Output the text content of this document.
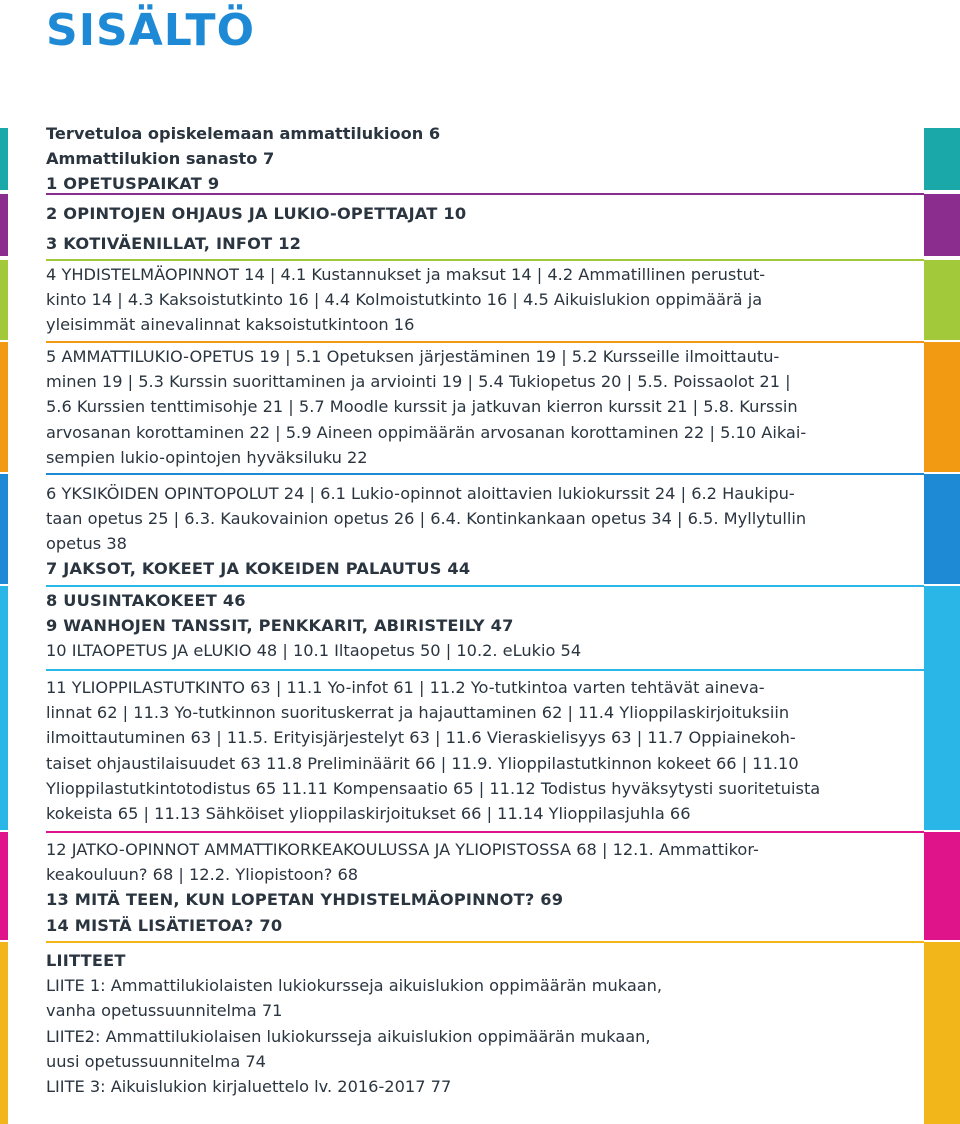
SISÄLTÖ

Tervetuloa opiskelemaan ammattilukioon 6

Ammattilukion sanasto 7

1 OPETUSPAIKAT 9

2 OPINTOJEN OHJAUS JA LUKIO-OPETTAJAT 10

3 KOTIVÄENILLAT, INFOT 12

4 YHDISTELMÄOPINNOT 14 | 4.1 Kustannukset ja maksut 14 | 4.2 Ammatillinen perustut-

kinto 14 | 4.3 Kaksoistutkinto 16 | 4.4 Kolmoistutkinto 16 | 4.5 Aikuislukion oppimäärä ja

yleisimmät ainevalinnat kaksoistutkintoon 16

5 AMMATTILUKIO-OPETUS 19 | 5.1 Opetuksen järjestäminen 19 | 5.2 Kursseille ilmoittautu-

minen 19 | 5.3 Kurssin suorittaminen ja arviointi 19 | 5.4 Tukiopetus 20 | 5.5. Poissaolot 21 |

5.6 Kurssien tenttimisohje 21 | 5.7 Moodle kurssit ja jatkuvan kierron kurssit 21 | 5.8. Kurssin

arvosanan korottaminen 22 | 5.9 Aineen oppimäärän arvosanan korottaminen 22 | 5.10 Aikai-

sempien lukio-opintojen hyväksiluku 22

6 YKSIKÖIDEN OPINTOPOLUT 24 | 6.1 Lukio-opinnot aloittavien lukiokurssit 24 | 6.2 Haukipu-

taan opetus 25 | 6.3. Kaukovainion opetus 26 | 6.4. Kontinkankaan opetus 34 | 6.5. Myllytullin

opetus 38

7 JAKSOT, KOKEET JA KOKEIDEN PALAUTUS 44

8 UUSINTAKOKEET 46

9 WANHOJEN TANSSIT, PENKKARIT, ABIRISTEILY 47

10 ILTAOPETUS JA eLUKIO 48 | 10.1 Iltaopetus 50 | 10.2. eLukio 54

11 YLIOPPILASTUTKINTO 63 | 11.1 Yo-infot 61 | 11.2 Yo-tutkintoa varten tehtävät aineva-

linnat 62 | 11.3 Yo-tutkinnon suorituskerrat ja hajauttaminen 62 | 11.4 Ylioppilaskirjoituksiin

ilmoittautuminen 63 | 11.5. Erityisjärjestelyt 63 | 11.6 Vieraskielisyys 63 | 11.7 Oppiainekoh-

taiset ohjaustilaisuudet 63 11.8 Preliminäärit 66 | 11.9. Ylioppilastutkinnon kokeet 66 | 11.10

Ylioppilastutkintotodistus 65 11.11 Kompensaatio 65 | 11.12 Todistus hyväksytysti suoritetuista

kokeista 65 | 11.13 Sähköiset ylioppilaskirjoitukset 66 | 11.14 Ylioppilasjuhla 66

12 JATKO-OPINNOT AMMATTIKORKEAKOULUSSA JA YLIOPISTOSSA 68 | 12.1. Ammattikor-

keakouluun? 68 | 12.2. Yliopistoon? 68

13 MITÄ TEEN, KUN LOPETAN YHDISTELMÄOPINNOT? 69

14 MISTÄ LISÄTIETOA? 70

LIITTEET

LIITE 1: Ammattilukiolaisten lukiokursseja aikuislukion oppimäärän mukaan,

vanha opetussuunnitelma 71

LIITE2: Ammattilukiolaisen lukiokursseja aikuislukion oppimäärän mukaan,

uusi opetussuunnitelma 74

LIITE 3: Aikuislukion kirjaluettelo lv. 2016-2017 77
